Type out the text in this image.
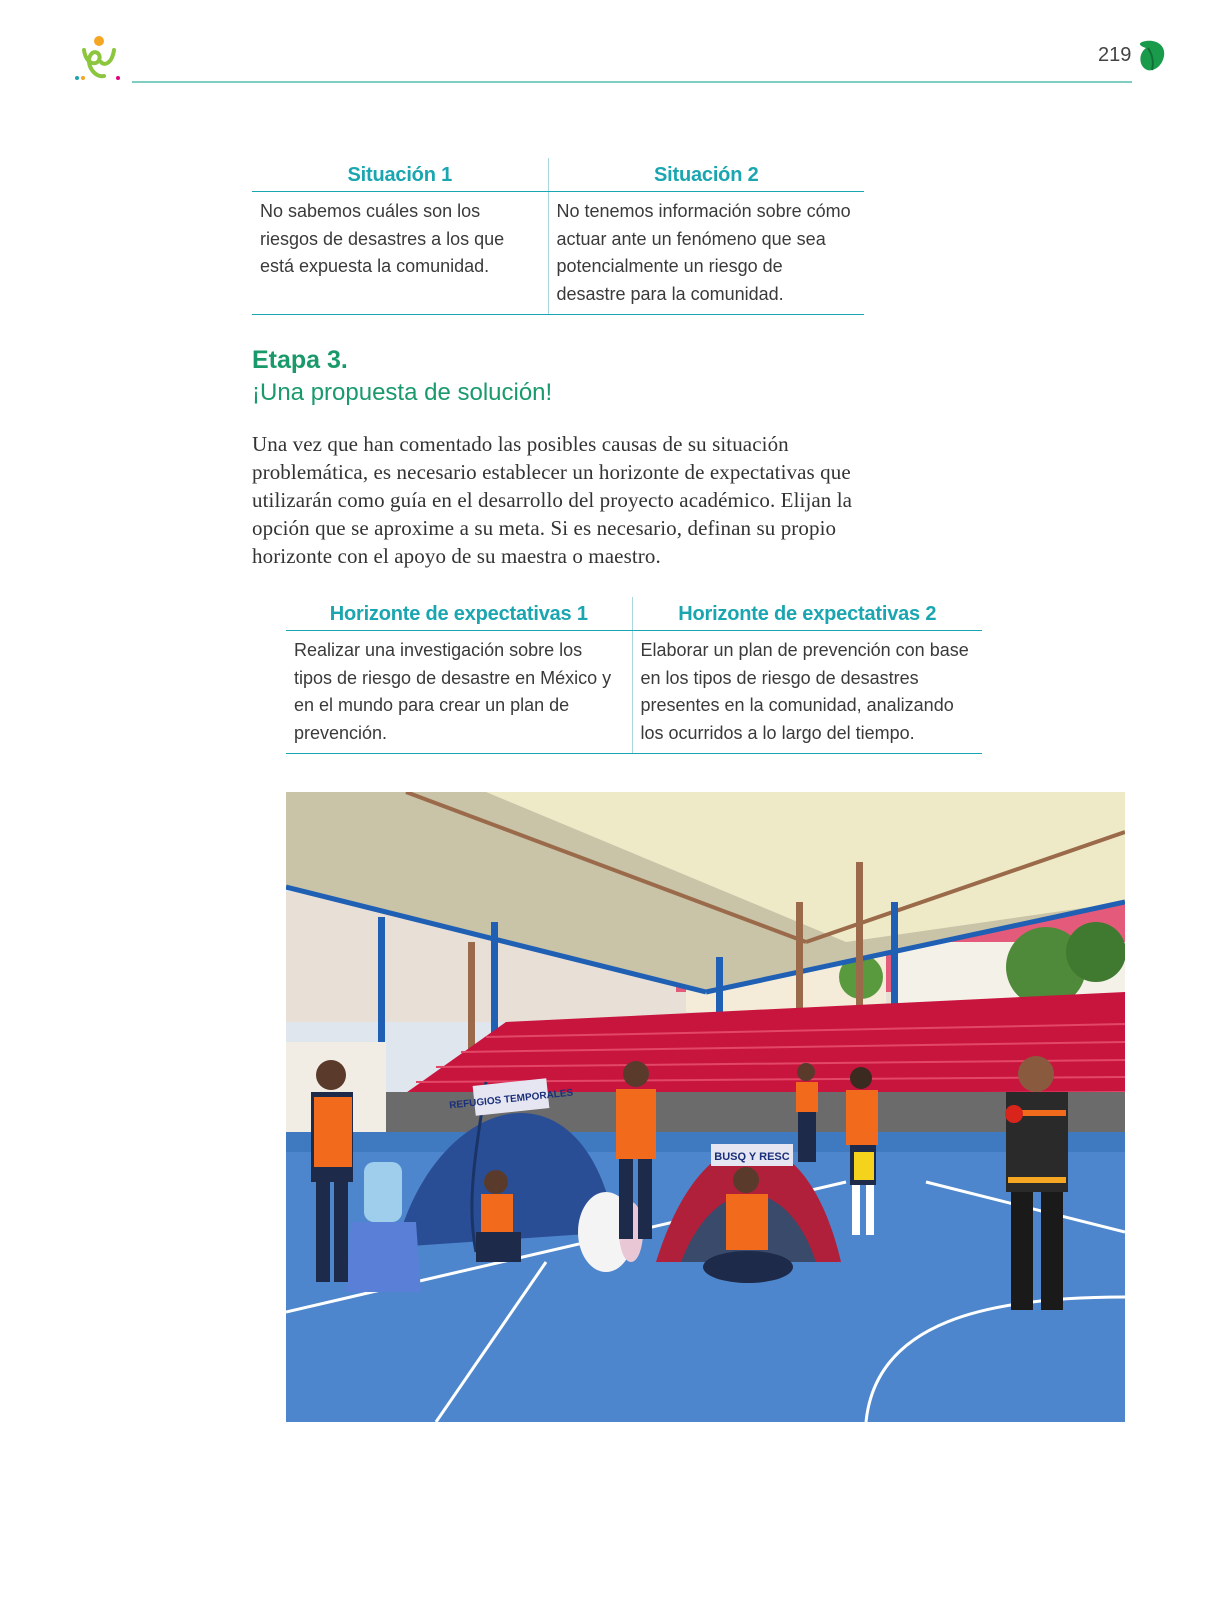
219
Situación 1	Situación 2
No sabemos cuáles son los riesgos de desastres a los que está expuesta la comunidad.	No tenemos información sobre cómo actuar ante un fenómeno que sea potencialmente un riesgo de desastre para la comunidad.
Etapa 3.
¡Una propuesta de solución!

Una vez que han comentado las posibles causas de su situación problemática, es necesario establecer un horizonte de expectativas que utilizarán como guía en el desarrollo del proyecto académico. Elijan la opción que se aproxime a su meta. Si es necesario, definan su propio horizonte con el apoyo de su maestra o maestro.

Horizonte de expectativas 1	Horizonte de expectativas 2
Realizar una investigación sobre los tipos de riesgo de desastre en México y en el mundo para crear un plan de prevención.	Elaborar un plan de prevención con base en los tipos de riesgo de desastres presentes en la comunidad, analizando los ocurridos a lo largo del tiempo.
REFUGIOS TEMPORALES
BUSQ Y RESC
